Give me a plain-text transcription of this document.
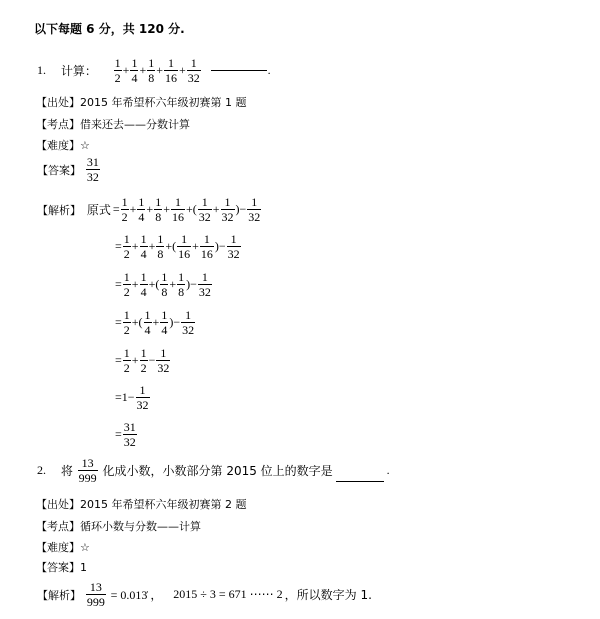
以下每题 6 分，共 120 分.
1. 计算： $\frac{1}{2} + \frac{1}{4} + \frac{1}{8} + \frac{1}{16} + \frac{1}{32}$	.
【出处】2015 年希望杯六年级初赛第 1 题
【考点】借来还去——分数计算
【难度】☆
【答案】 $\frac{31}{32}$
【解析】 原式 = $\frac{1}{2} + \frac{1}{4} + \frac{1}{8} + \frac{1}{16}$ +( $\frac{1}{32} + \frac{1}{32}$ )− $\frac{1}{32}$
= $\frac{1}{2} + \frac{1}{4} + \frac{1}{8}$ +( $\frac{1}{16} + \frac{1}{16}$ )− $\frac{1}{32}$
= $\frac{1}{2} + \frac{1}{4}$ +( $\frac{1}{8} + \frac{1}{8}$ )− $\frac{1}{32}$
= $\frac{1}{2}$ +( $\frac{1}{4} + \frac{1}{4}$ )− $\frac{1}{32}$
= $\frac{1}{2} + \frac{1}{2} - \frac{1}{32}$
$=1- \frac{1}{32}$
= $\frac{31}{32}$
2. 将 $\frac{13}{999}$ 化成小数，小数部分第 2015 位上的数字是	.
【出处】2015 年希望杯六年级初赛第 2 题
【考点】循环小数与分数——计算
【难度】☆
【答案】1
【解析】 $\frac{13}{999}$ = 0.013̇ ， 2015 ÷ 3 = 671 ⋯⋯ 2 ，所以数字为 1.
